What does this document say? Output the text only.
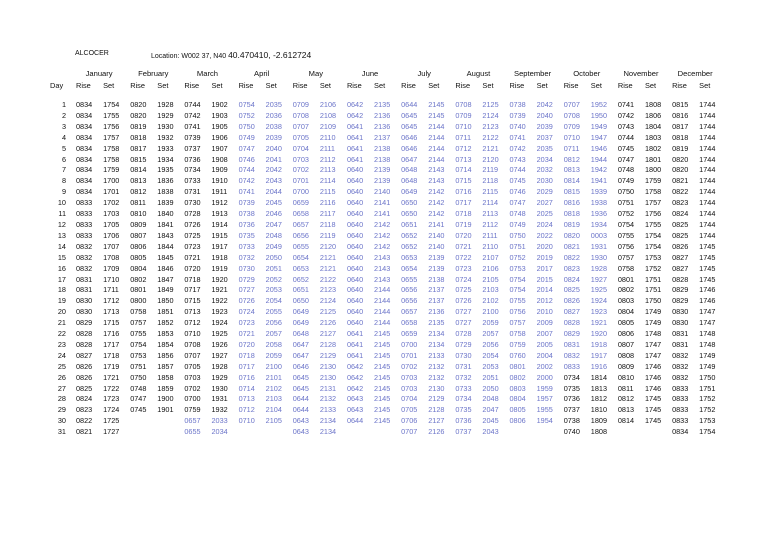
ALCOCER	Location: W002 37, N40 40.470410, -2.612724
	January		February		March		April		May		June		July		August		September		October		November		December	
Day	Rise	Set	Rise	Set	Rise	Set	Rise	Set	Rise	Set	Rise	Set	Rise	Set	Rise	Set	Rise	Set	Rise	Set	Rise	Set	Rise	Set

1	0834	1754	0820	1928	0744	1902	0754	2035	0709	2106	0642	2135	0644	2145	0708	2125	0738	2042	0707	1952	0741	1808	0815	1744
2	0834	1755	0820	1929	0742	1903	0752	2036	0708	2108	0642	2136	0645	2145	0709	2124	0739	2040	0708	1950	0742	1806	0816	1744
3	0834	1756	0819	1930	0741	1905	0750	2038	0707	2109	0641	2136	0645	2144	0710	2123	0740	2039	0709	1949	0743	1804	0817	1744
4	0834	1757	0818	1932	0739	1906	0749	2039	0705	2110	0641	2137	0646	2144	0711	2122	0741	2037	0710	1947	0744	1803	0818	1744
5	0834	1758	0817	1933	0737	1907	0747	2040	0704	2111	0641	2138	0646	2144	0712	2121	0742	2035	0711	1946	0745	1802	0819	1744
6	0834	1758	0815	1934	0736	1908	0746	2041	0703	2112	0641	2138	0647	2144	0713	2120	0743	2034	0812	1944	0747	1801	0820	1744
7	0834	1759	0814	1935	0734	1909	0744	2042	0702	2113	0640	2139	0648	2143	0714	2119	0744	2032	0813	1942	0748	1800	0820	1744
8	0834	1700	0813	1836	0733	1910	0742	2043	0701	2114	0640	2139	0648	2143	0715	2118	0745	2030	0814	1941	0749	1759	0821	1744
9	0834	1701	0812	1838	0731	1911	0741	2044	0700	2115	0640	2140	0649	2142	0716	2115	0746	2029	0815	1939	0750	1758	0822	1744
10	0833	1702	0811	1839	0730	1912	0739	2045	0659	2116	0640	2141	0650	2142	0717	2114	0747	2027	0816	1938	0751	1757	0823	1744
11	0833	1703	0810	1840	0728	1913	0738	2046	0658	2117	0640	2141	0650	2142	0718	2113	0748	2025	0818	1936	0752	1756	0824	1744
12	0833	1705	0809	1841	0726	1914	0736	2047	0657	2118	0640	2142	0651	2141	0719	2112	0749	2024	0819	1934	0754	1755	0825	1744
13	0833	1706	0807	1843	0725	1915	0735	2048	0656	2119	0640	2142	0652	2140	0720	2111	0750	2022	0820	0003	0755	1754	0825	1744
14	0832	1707	0806	1844	0723	1917	0733	2049	0655	2120	0640	2142	0652	2140	0721	2110	0751	2020	0821	1931	0756	1754	0826	1745
15	0832	1708	0805	1845	0721	1918	0732	2050	0654	2121	0640	2143	0653	2139	0722	2107	0752	2019	0822	1930	0757	1753	0827	1745
16	0832	1709	0804	1846	0720	1919	0730	2051	0653	2121	0640	2143	0654	2139	0723	2106	0753	2017	0823	1928	0758	1752	0827	1745
17	0831	1710	0802	1847	0718	1920	0729	2052	0652	2122	0640	2143	0655	2138	0724	2105	0754	2015	0824	1927	0801	1751	0828	1745
18	0831	1711	0801	1849	0717	1921	0727	2053	0651	2123	0640	2144	0656	2137	0725	2103	0754	2014	0825	1925	0802	1751	0829	1746
19	0830	1712	0800	1850	0715	1922	0726	2054	0650	2124	0640	2144	0656	2137	0726	2102	0755	2012	0826	1924	0803	1750	0829	1746
20	0830	1713	0758	1851	0713	1923	0724	2055	0649	2125	0640	2144	0657	2136	0727	2100	0756	2010	0827	1923	0804	1749	0830	1747
21	0829	1715	0757	1852	0712	1924	0723	2056	0649	2126	0640	2144	0658	2135	0727	2059	0757	2009	0828	1921	0805	1749	0830	1747
22	0828	1716	0755	1853	0710	1925	0721	2057	0648	2127	0641	2145	0659	2134	0728	2057	0758	2007	0829	1920	0806	1748	0831	1748
23	0828	1717	0754	1854	0708	1926	0720	2058	0647	2128	0641	2145	0700	2134	0729	2056	0759	2005	0831	1918	0807	1747	0831	1748
24	0827	1718	0753	1856	0707	1927	0718	2059	0647	2129	0641	2145	0701	2133	0730	2054	0760	2004	0832	1917	0808	1747	0832	1749
25	0826	1719	0751	1857	0705	1928	0717	2100	0646	2130	0642	2145	0702	2132	0731	2053	0801	2002	0833	1916	0809	1746	0832	1749
26	0826	1721	0750	1858	0703	1929	0716	2101	0645	2130	0642	2145	0703	2132	0732	2051	0802	2000	0734	1814	0810	1746	0832	1750
27	0825	1722	0748	1859	0702	1930	0714	2102	0645	2131	0642	2145	0703	2130	0733	2050	0803	1959	0735	1813	0811	1746	0833	1751
28	0824	1723	0747	1900	0700	1931	0713	2103	0644	2132	0643	2145	0704	2129	0734	2048	0804	1957	0736	1812	0812	1745	0833	1752
29	0823	1724	0745	1901	0759	1932	0712	2104	0644	2133	0643	2145	0705	2128	0735	2047	0805	1955	0737	1810	0813	1745	0833	1752
30	0822	1725			0657	2033	0710	2105	0643	2134	0644	2145	0706	2127	0736	2045	0806	1954	0738	1809	0814	1745	0833	1753
31	0821	1727			0655	2034			0643	2134			0707	2126	0737	2043			0740	1808			0834	1754
